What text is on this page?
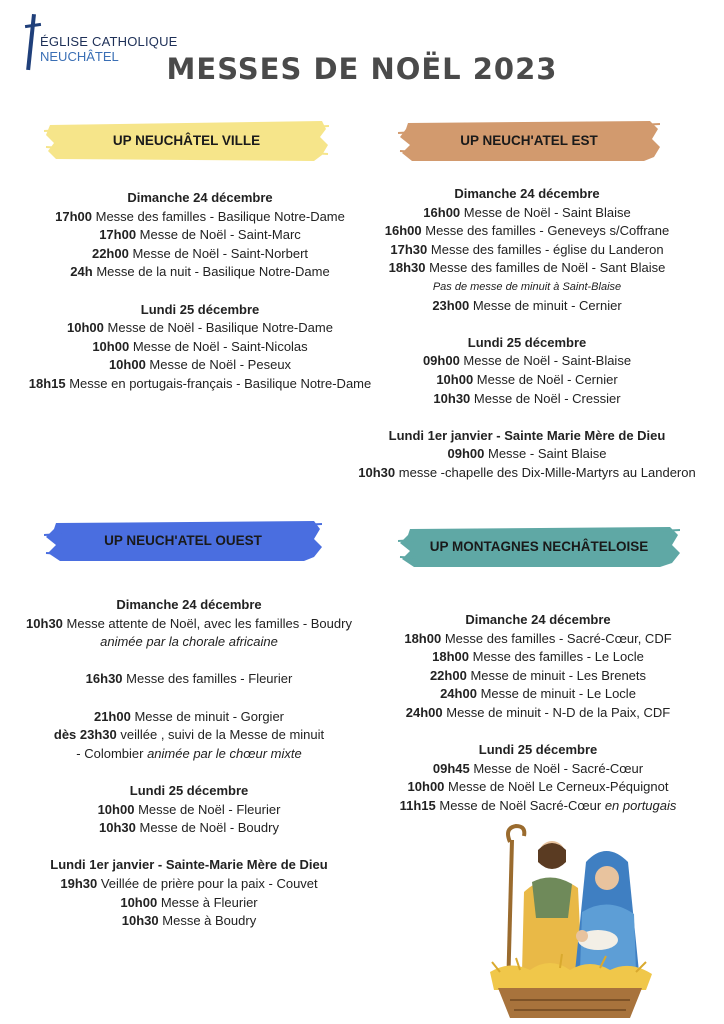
ÉGLISE CATHOLIQUE
NEUCHÂTEL	MESSES DE NOËL 2023
UP NEUCHÂTEL VILLE	UP NEUCH'ATEL EST
UP NEUCH'ATEL OUEST	UP MONTAGNES NECHÂTELOISE
Dimanche 24 décembre
17h00 Messe des familles - Basilique Notre-Dame
17h00 Messe de Noël - Saint-Marc
22h00 Messe de Noël - Saint-Norbert
24h Messe de la nuit - Basilique Notre-Dame
Lundi 25 décembre
10h00 Messe de Noël - Basilique Notre-Dame
10h00 Messe de Noël - Saint-Nicolas
10h00 Messe de Noël - Peseux
18h15 Messe en portugais-français - Basilique Notre-Dame
Dimanche 24 décembre
16h00 Messe de Noël - Saint Blaise
16h00 Messe des familles - Geneveys s/Coffrane
17h30 Messe des familles - église du Landeron
18h30 Messe des familles de Noël - Sant Blaise
Pas de messe de minuit à Saint-Blaise
23h00 Messe de minuit - Cernier
Lundi 25 décembre
09h00 Messe de Noël - Saint-Blaise
10h00 Messe de Noël - Cernier
10h30 Messe de Noël - Cressier
Lundi 1er janvier - Sainte Marie Mère de Dieu
09h00 Messe - Saint Blaise
10h30 messe -chapelle des Dix-Mille-Martyrs au Landeron
Dimanche 24 décembre
10h30 Messe attente de Noël, avec les familles - Boudry
animée par la chorale africaine
16h30 Messe des familles - Fleurier
21h00 Messe de minuit - Gorgier
dès 23h30 veillée , suivi de la Messe de minuit
- Colombier animée par le chœur mixte
Lundi 25 décembre
10h00 Messe de Noël - Fleurier
10h30 Messe de Noël - Boudry
Lundi 1er janvier - Sainte-Marie Mère de Dieu
19h30 Veillée de prière pour la paix - Couvet
10h00 Messe à Fleurier
10h30 Messe à Boudry
Dimanche 24 décembre
18h00 Messe des familles - Sacré-Cœur, CDF
18h00 Messe des familles - Le Locle
22h00 Messe de minuit - Les Brenets
24h00 Messe de minuit - Le Locle
24h00 Messe de minuit - N-D de la Paix, CDF
Lundi 25 décembre
09h45 Messe de Noël - Sacré-Cœur
10h00 Messe de Noël Le Cerneux-Péquignot
11h15 Messe de Noël Sacré-Cœur en portugais
